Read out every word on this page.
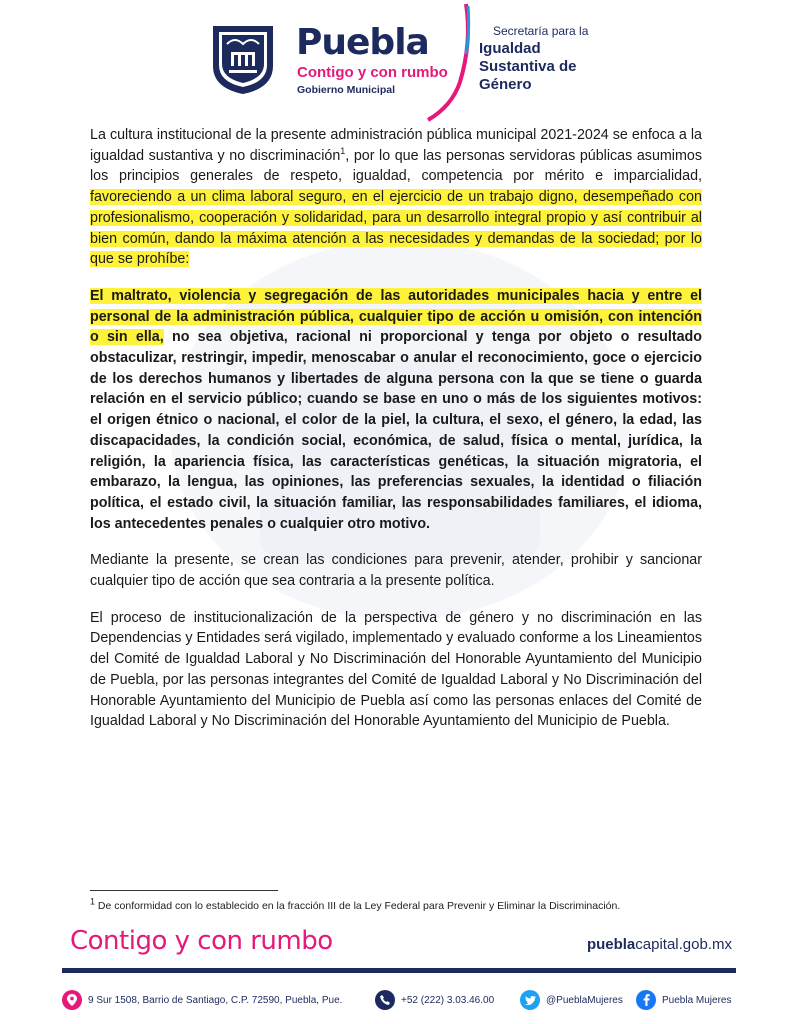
Puebla
Contigo y con rumbo
Gobierno Municipal
Secretaría para la
Igualdad Sustantiva de Género

La cultura institucional de la presente administración pública municipal 2021-2024 se enfoca a la igualdad sustantiva y no discriminación$^1$, por lo que las personas servidoras públicas asumimos los principios generales de respeto, igualdad, competencia por mérito e imparcialidad, favoreciendo a un clima laboral seguro, en el ejercicio de un trabajo digno, desempeñado con profesionalismo, cooperación y solidaridad, para un desarrollo integral propio y así contribuir al bien común, dando la máxima atención a las necesidades y demandas de la sociedad; por lo que se prohíbe:

El maltrato, violencia y segregación de las autoridades municipales hacia y entre el personal de la administración pública, cualquier tipo de acción u omisión, con intención o sin ella, no sea objetiva, racional ni proporcional y tenga por objeto o resultado obstaculizar, restringir, impedir, menoscabar o anular el reconocimiento, goce o ejercicio de los derechos humanos y libertades de alguna persona con la que se tiene o guarda relación en el servicio público; cuando se base en uno o más de los siguientes motivos: el origen étnico o nacional, el color de la piel, la cultura, el sexo, el género, la edad, las discapacidades, la condición social, económica, de salud, física o mental, jurídica, la religión, la apariencia física, las características genéticas, la situación migratoria, el embarazo, la lengua, las opiniones, las preferencias sexuales, la identidad o filiación política, el estado civil, la situación familiar, las responsabilidades familiares, el idioma, los antecedentes penales o cualquier otro motivo.

Mediante la presente, se crean las condiciones para prevenir, atender, prohibir y sancionar cualquier tipo de acción que sea contraria a la presente política.

El proceso de institucionalización de la perspectiva de género y no discriminación en las Dependencias y Entidades será vigilado, implementado y evaluado conforme a los Lineamientos del Comité de Igualdad Laboral y No Discriminación del Honorable Ayuntamiento del Municipio de Puebla, por las personas integrantes del Comité de Igualdad Laboral y No Discriminación del Honorable Ayuntamiento del Municipio de Puebla así como las personas enlaces del Comité de Igualdad Laboral y No Discriminación del Honorable Ayuntamiento del Municipio de Puebla.

$^1$ De conformidad con lo establecido en la fracción III de la Ley Federal para Prevenir y Eliminar la Discriminación.
Contigo y con rumbo	pueblacapital.gob.mx
9 Sur 1508, Barrio de Santiago, C.P. 72590, Puebla, Pue.	+52 (222) 3.03.46.00	@PueblaMujeres	Puebla Mujeres
